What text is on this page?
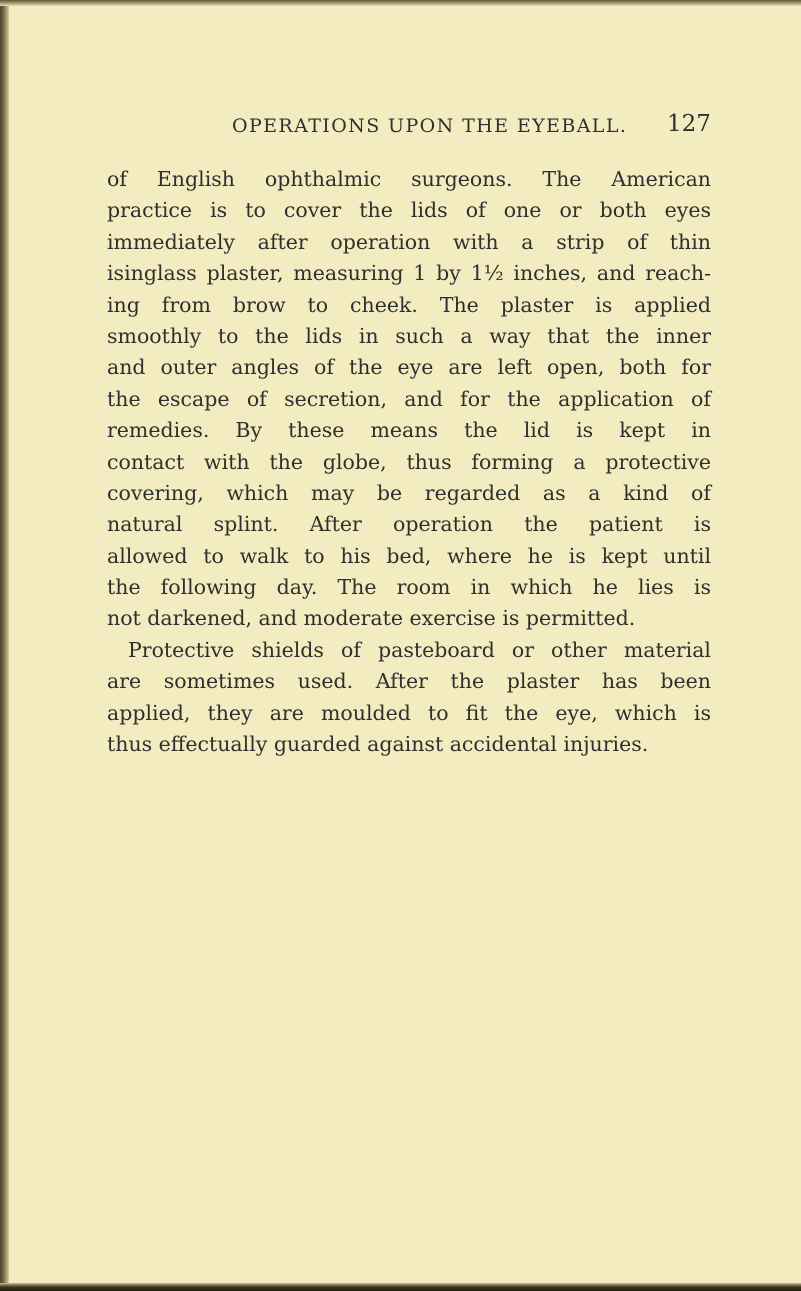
OPERATIONS UPON THE EYEBALL. 127
of English ophthalmic surgeons. The American
practice is to cover the lids of one or both eyes
immediately after operation with a strip of thin
isinglass plaster, measuring 1 by 1½ inches, and reach-
ing from brow to cheek. The plaster is applied
smoothly to the lids in such a way that the inner
and outer angles of the eye are left open, both for
the escape of secretion, and for the application of
remedies. By these means the lid is kept in
contact with the globe, thus forming a protective
covering, which may be regarded as a kind of
natural splint. After operation the patient is
allowed to walk to his bed, where he is kept until
the following day. The room in which he lies is
not darkened, and moderate exercise is permitted.
Protective shields of pasteboard or other material
are sometimes used. After the plaster has been
applied, they are moulded to fit the eye, which is
thus effectually guarded against accidental injuries.
